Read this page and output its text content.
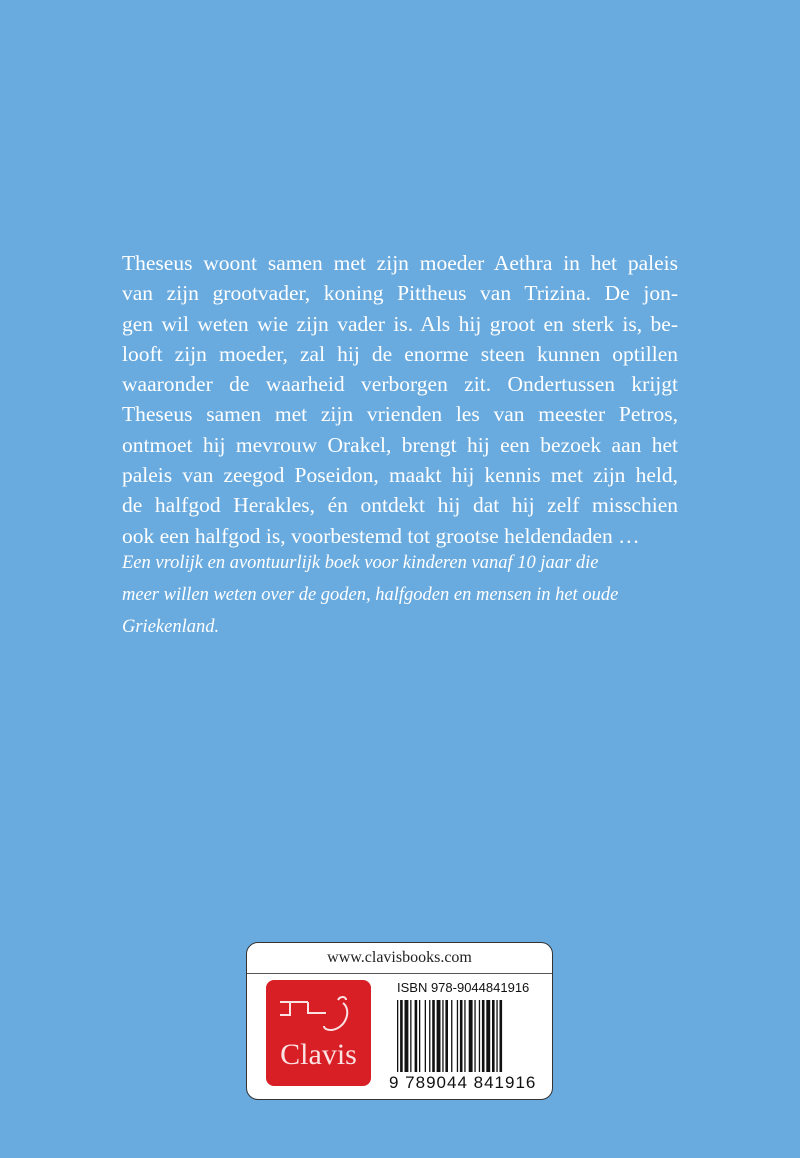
Theseus woont samen met zijn moeder Aethra in het paleis
van zijn grootvader, koning Pittheus van Trizina. De jon-
gen wil weten wie zijn vader is. Als hij groot en sterk is, be-
looft zijn moeder, zal hij de enorme steen kunnen optillen
waaronder de waarheid verborgen zit. Ondertussen krijgt
Theseus samen met zijn vrienden les van meester Petros,
ontmoet hij mevrouw Orakel, brengt hij een bezoek aan het
paleis van zeegod Poseidon, maakt hij kennis met zijn held,
de halfgod Herakles, én ontdekt hij dat hij zelf misschien
ook een halfgod is, voorbestemd tot grootse heldendaden …
Een vrolijk en avontuurlijk boek voor kinderen vanaf 10 jaar die
meer willen weten over de goden, halfgoden en mensen in het oude
Griekenland.
www.clavisbooks.com
Clavis
ISBN 978-9044841916
9 789044 841916
